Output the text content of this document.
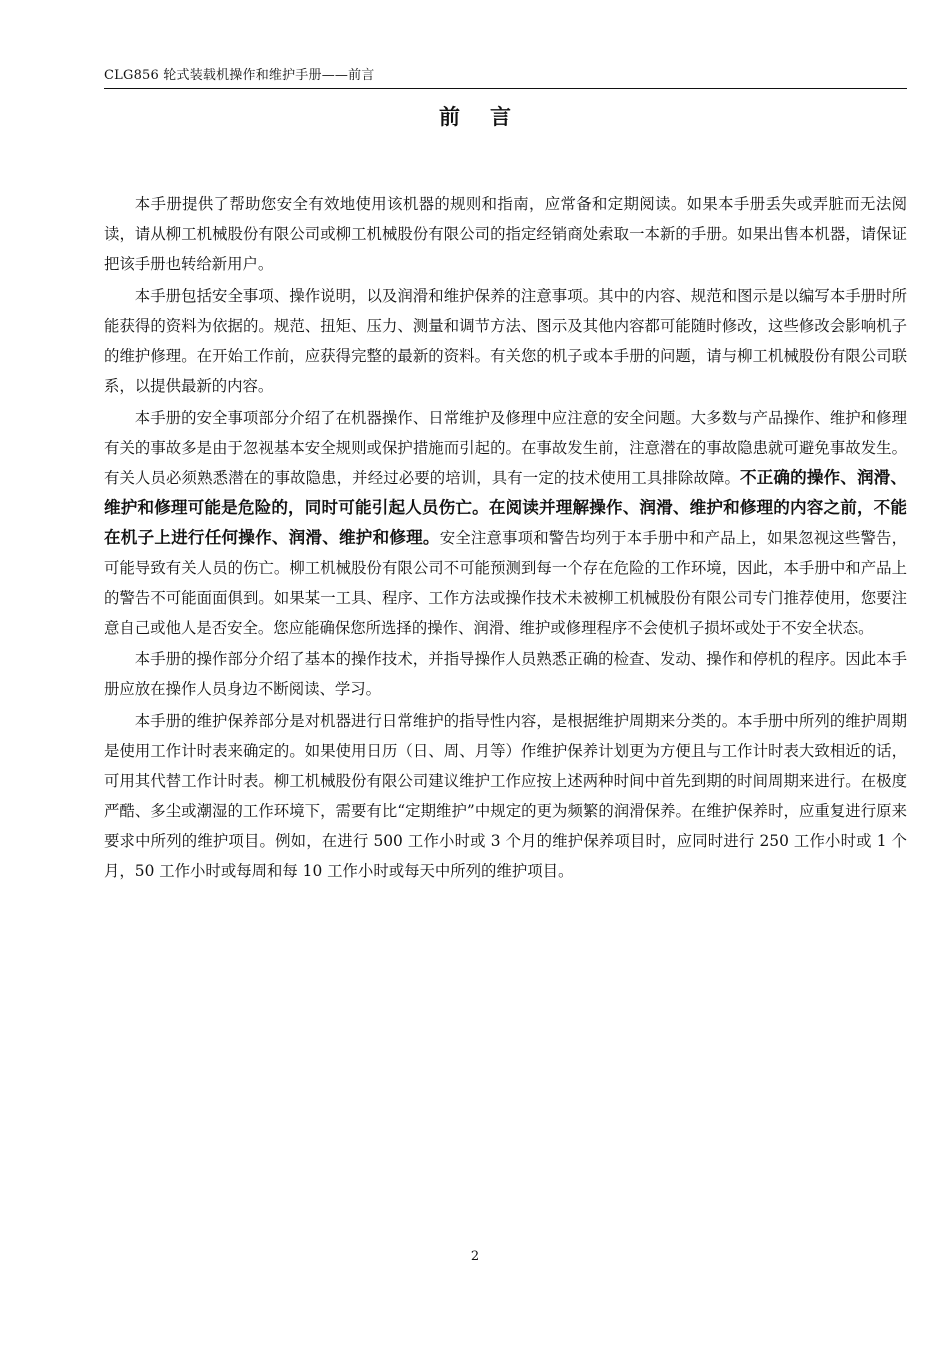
CLG856 轮式装载机操作和维护手册——前言
前言

本手册提供了帮助您安全有效地使用该机器的规则和指南，应常备和定期阅读。如果本手册丢失或弄脏而无法阅读，请从柳工机械股份有限公司或柳工机械股份有限公司的指定经销商处索取一本新的手册。如果出售本机器，请保证把该手册也转给新用户。

本手册包括安全事项、操作说明，以及润滑和维护保养的注意事项。其中的内容、规范和图示是以编写本手册时所能获得的资料为依据的。规范、扭矩、压力、测量和调节方法、图示及其他内容都可能随时修改，这些修改会影响机子的维护修理。在开始工作前，应获得完整的最新的资料。有关您的机子或本手册的问题，请与柳工机械股份有限公司联系，以提供最新的内容。

本手册的安全事项部分介绍了在机器操作、日常维护及修理中应注意的安全问题。大多数与产品操作、维护和修理有关的事故多是由于忽视基本安全规则或保护措施而引起的。在事故发生前，注意潜在的事故隐患就可避免事故发生。有关人员必须熟悉潜在的事故隐患，并经过必要的培训，具有一定的技术使用工具排除故障。不正确的操作、润滑、维护和修理可能是危险的，同时可能引起人员伤亡。在阅读并理解操作、润滑、维护和修理的内容之前，不能在机子上进行任何操作、润滑、维护和修理。安全注意事项和警告均列于本手册中和产品上，如果忽视这些警告，可能导致有关人员的伤亡。柳工机械股份有限公司不可能预测到每一个存在危险的工作环境，因此，本手册中和产品上的警告不可能面面俱到。如果某一工具、程序、工作方法或操作技术未被柳工机械股份有限公司专门推荐使用，您要注意自己或他人是否安全。您应能确保您所选择的操作、润滑、维护或修理程序不会使机子损坏或处于不安全状态。

本手册的操作部分介绍了基本的操作技术，并指导操作人员熟悉正确的检查、发动、操作和停机的程序。因此本手册应放在操作人员身边不断阅读、学习。

本手册的维护保养部分是对机器进行日常维护的指导性内容，是根据维护周期来分类的。本手册中所列的维护周期是使用工作计时表来确定的。如果使用日历（日、周、月等）作维护保养计划更为方便且与工作计时表大致相近的话，可用其代替工作计时表。柳工机械股份有限公司建议维护工作应按上述两种时间中首先到期的时间周期来进行。在极度严酷、多尘或潮湿的工作环境下，需要有比“定期维护”中规定的更为频繁的润滑保养。在维护保养时，应重复进行原来要求中所列的维护项目。例如，在进行 500 工作小时或 3 个月的维护保养项目时，应同时进行 250 工作小时或 1 个月，50 工作小时或每周和每 10 工作小时或每天中所列的维护项目。

2
